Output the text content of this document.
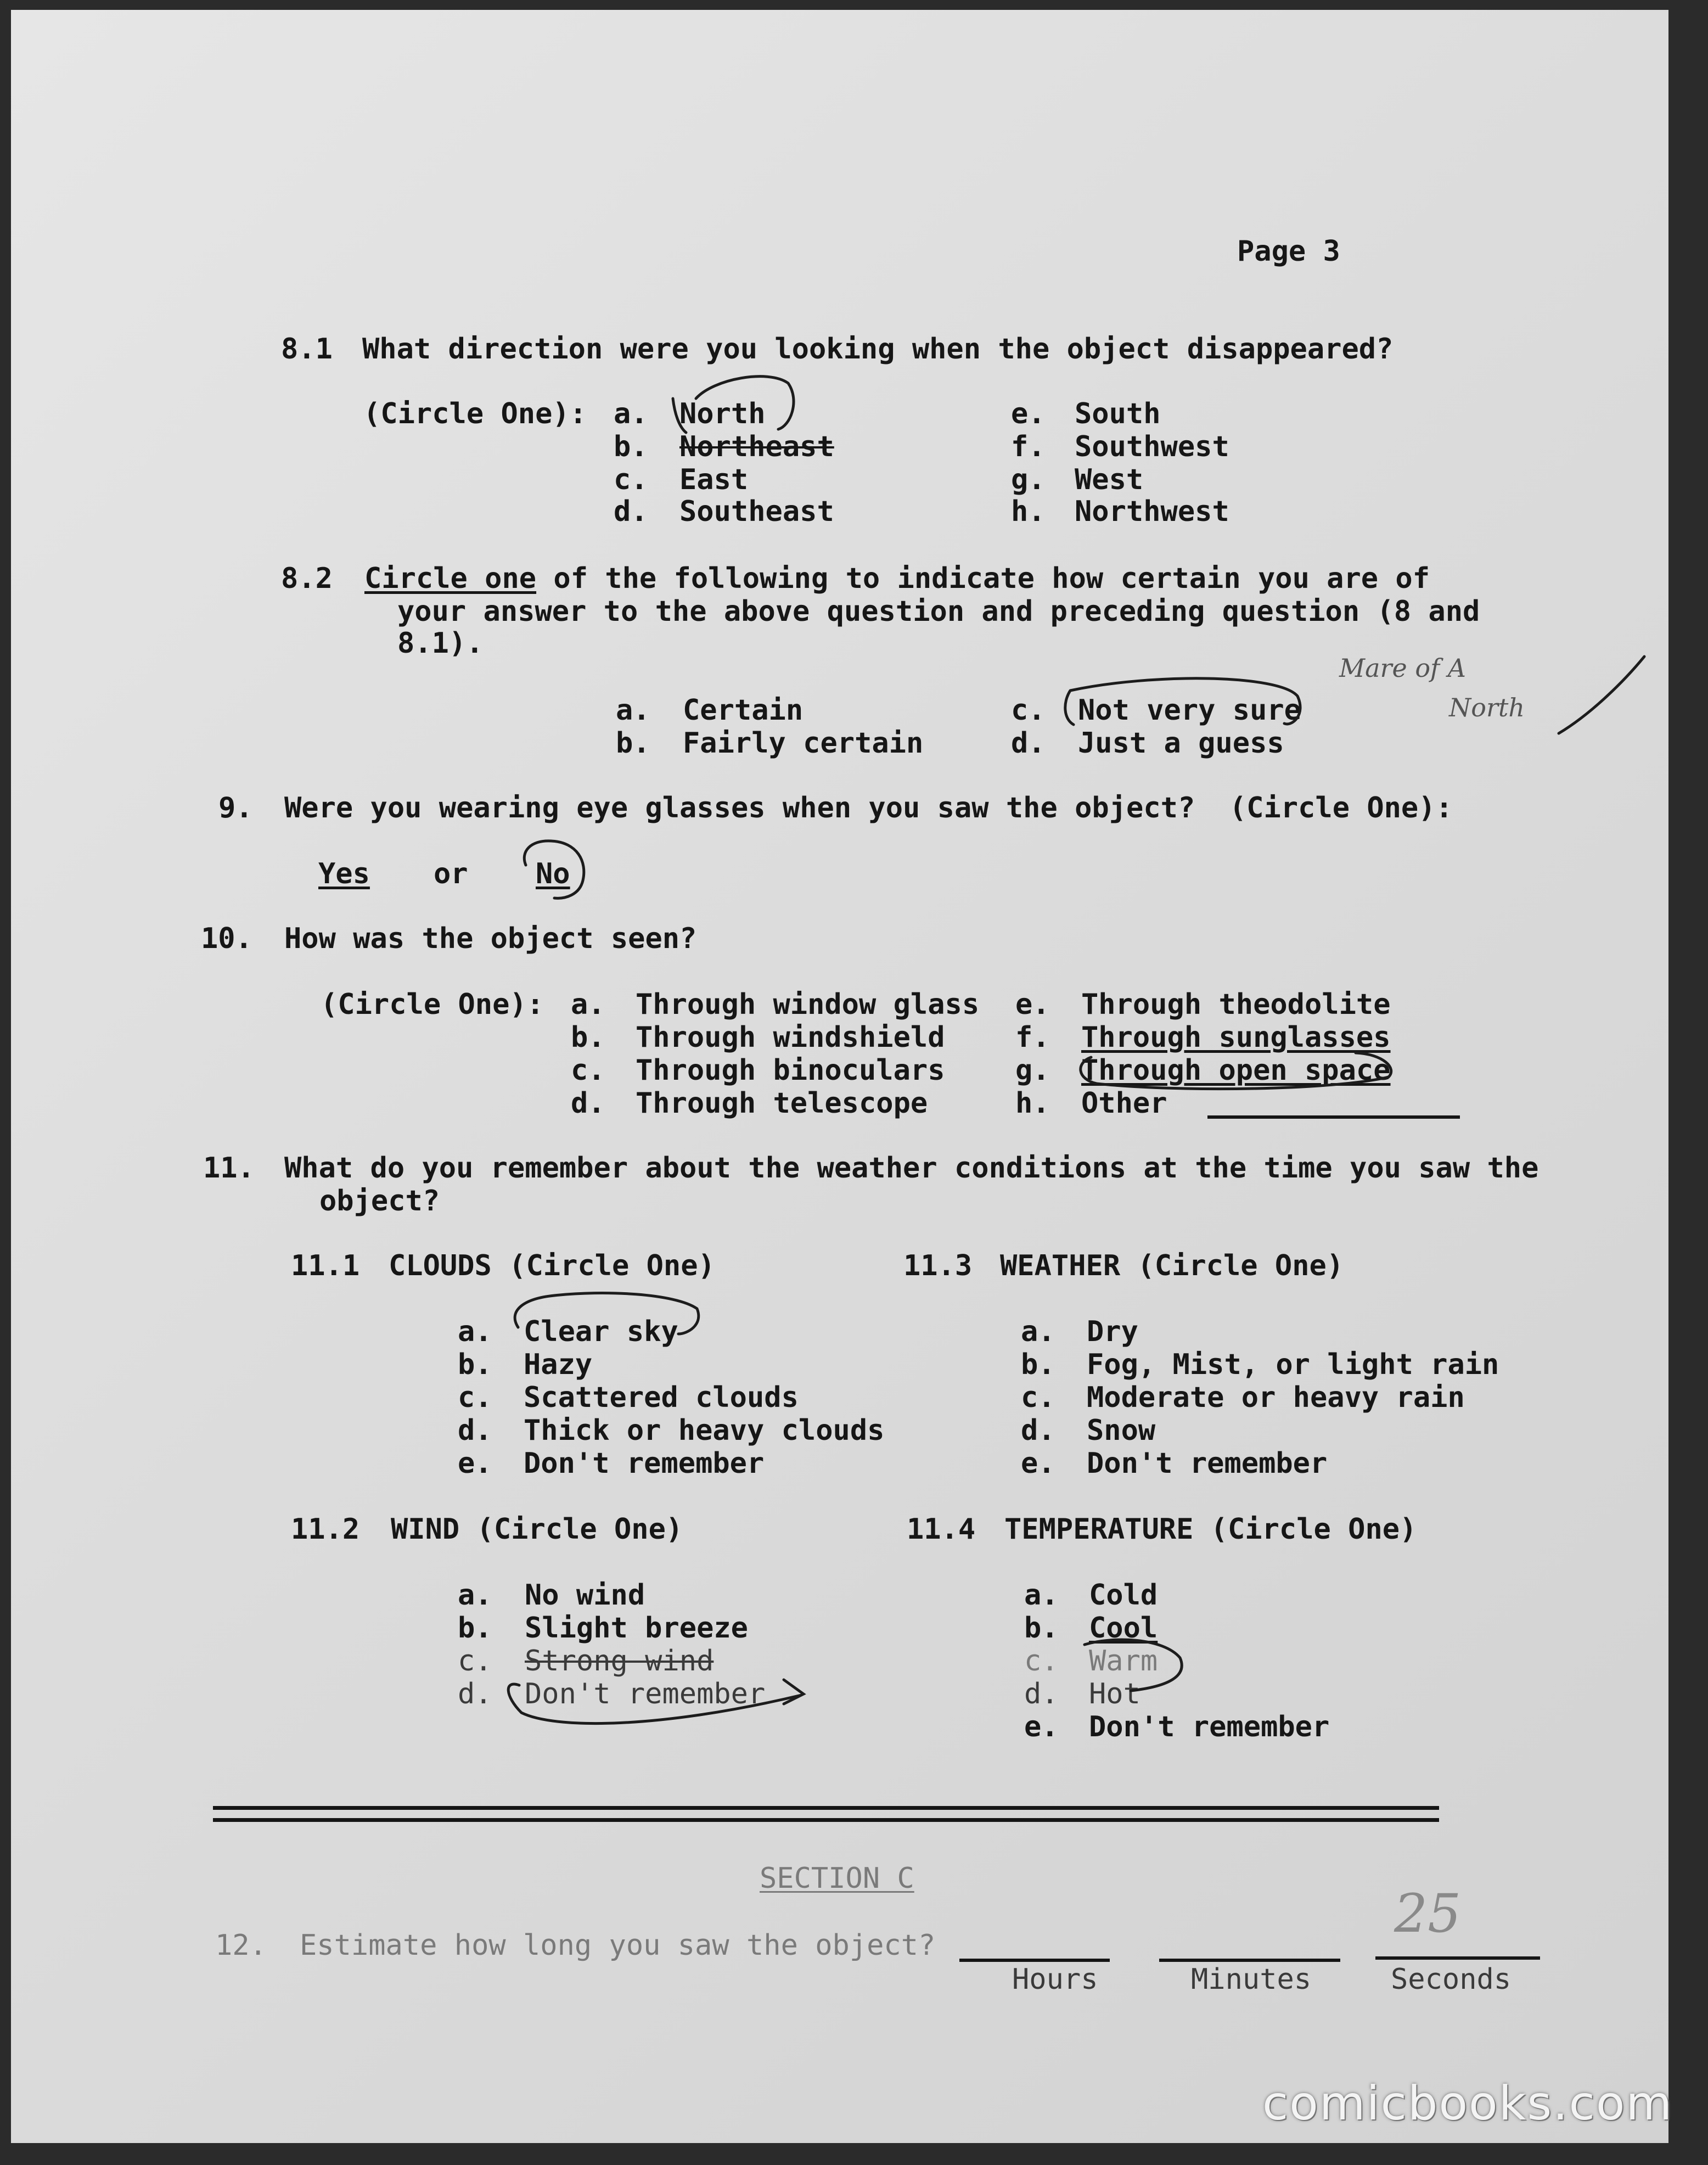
Page 3
8.1 What direction were you looking when the object disappeared?
(Circle One): a. North
b. Northeast
c. East
d. Southeast
e. South
f. Southwest
g. West
h. Northwest
8.2 Circle one of the following to indicate how certain you are of
your answer to the above question and preceding question (8 and
8.1).
a. Certain
b. Fairly certain
c. Not very sure
d. Just a guess
Mare of A
North
9. Were you wearing eye glasses when you saw the object?  (Circle One):
Yes or No
10. How was the object seen?
(Circle One): a. Through window glass
b. Through windshield
c. Through binoculars
d. Through telescope
e. Through theodolite
f. Through sunglasses
g. Through open space
h. Other
11. What do you remember about the weather conditions at the time you saw the
object?
11.1 CLOUDS (Circle One)
a. Clear sky
b. Hazy
c. Scattered clouds
d. Thick or heavy clouds
e. Don't remember
11.3 WEATHER (Circle One)
a. Dry
b. Fog, Mist, or light rain
c. Moderate or heavy rain
d. Snow
e. Don't remember
11.2 WIND (Circle One)
a. No wind
b. Slight breeze
c. Strong wind
d. Don't remember
11.4 TEMPERATURE (Circle One)
a. Cold
b. Cool
c. Warm
d. Hot
e. Don't remember
SECTION C
12. Estimate how long you saw the object?
Hours	Minutes	Seconds
25
comicbooks.com
